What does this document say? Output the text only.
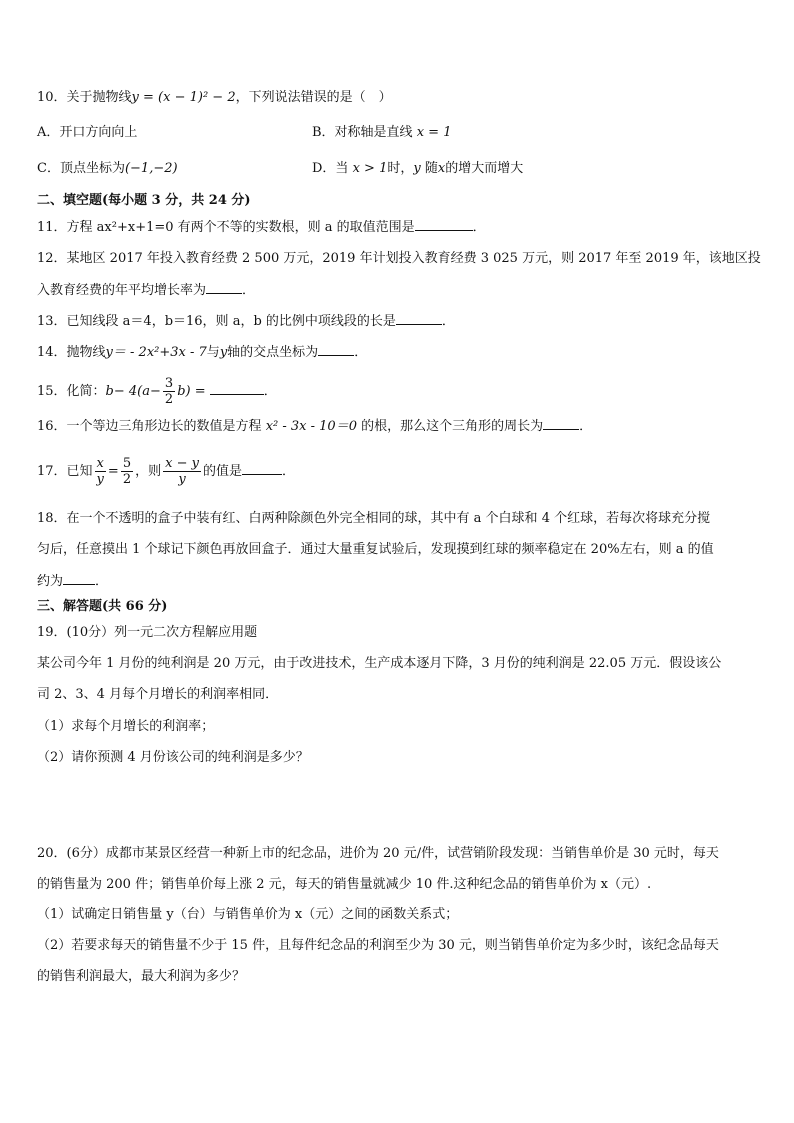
10．关于抛物线y = (x − 1)² − 2，下列说法错误的是（　）
A．开口方向向上	B．对称轴是直线 x = 1
C．顶点坐标为(−1,−2)	D．当 x > 1时，y 随x的增大而增大
二、填空题(每小题 3 分，共 24 分)
11．方程 ax²+x+1=0 有两个不等的实数根，则 a 的取值范围是	．
12．某地区 2017 年投入教育经费 2 500 万元，2019 年计划投入教育经费 3 025 万元，则 2017 年至 2019 年，该地区投
入教育经费的年平均增长率为	．
13．已知线段 a＝4，b＝16，则 a，b 的比例中项线段的长是	．
14．抛物线y＝ - 2x²+3x - 7与y轴的交点坐标为	．
15．化简：$b- 4(a- \frac{3}{2} b)$ =	．
16．一个等边三角形边长的数值是方程 x² - 3x - 10＝0 的根，那么这个三角形的周长为	．
17．已知 $\frac{x}{y} = \frac{5}{2}$ ，则 $\frac{x - y}{y}$ 的值是	．
18．在一个不透明的盒子中装有红、白两种除颜色外完全相同的球，其中有 a 个白球和 4 个红球，若每次将球充分搅
匀后，任意摸出 1 个球记下颜色再放回盒子．通过大量重复试验后，发现摸到红球的频率稳定在 20%左右，则 a 的值
约为 ．
三、解答题(共 66 分)
19．(10分）列一元二次方程解应用题
某公司今年 1 月份的纯利润是 20 万元，由于改进技术，生产成本逐月下降，3 月份的纯利润是 22.05 万元．假设该公
司 2、3、4 月每个月增长的利润率相同．
（1）求每个月增长的利润率；
（2）请你预测 4 月份该公司的纯利润是多少？
20．(6分）成都市某景区经营一种新上市的纪念品，进价为 20 元/件，试营销阶段发现：当销售单价是 30 元时，每天
的销售量为 200 件；销售单价每上涨 2 元，每天的销售量就减少 10 件.这种纪念品的销售单价为 x（元）.
（1）试确定日销售量 y（台）与销售单价为 x（元）之间的函数关系式；
（2）若要求每天的销售量不少于 15 件，且每件纪念品的利润至少为 30 元，则当销售单价定为多少时，该纪念品每天
的销售利润最大，最大利润为多少？
